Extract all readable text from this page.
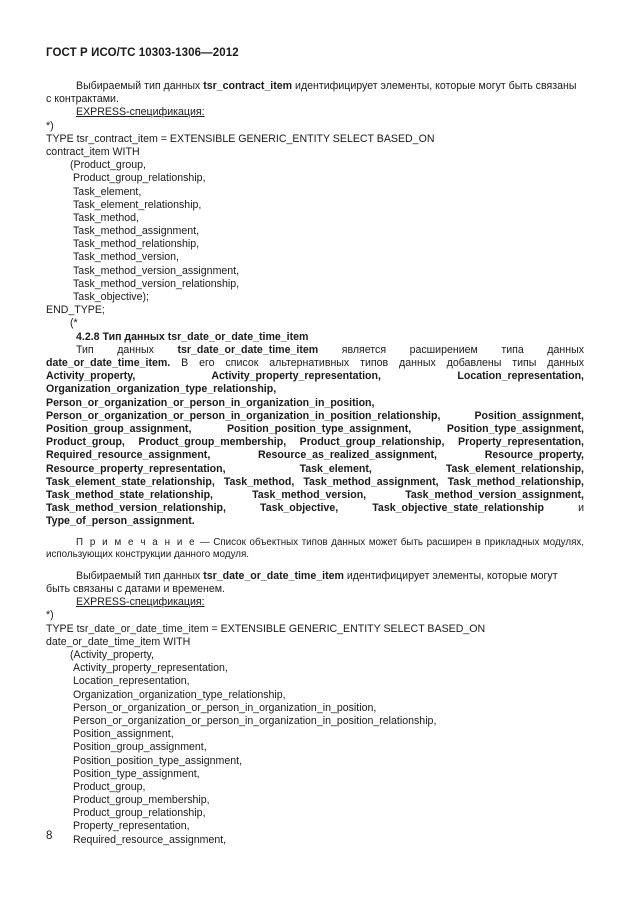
ГОСТ Р ИСО/ТС 10303-1306—2012

Выбираемый тип данных tsr_contract_item идентифицирует элементы, которые могут быть связаны с контрактами.

EXPRESS-спецификация:

*)
TYPE tsr_contract_item = EXTENSIBLE GENERIC_ENTITY SELECT BASED_ON
contract_item WITH
(Product_group,
Product_group_relationship,
Task_element,
Task_element_relationship,
Task_method,
Task_method_assignment,
Task_method_relationship,
Task_method_version,
Task_method_version_assignment,
Task_method_version_relationship,
Task_objective);
END_TYPE;
(*

4.2.8 Тип данных tsr_date_or_date_time_item

Тип данных tsr_date_or_date_time_item является расширением типа данных date_or_date_time_item. В его список альтернативных типов данных добавлены типы данных Activity_property, Activity_property_representation, Location_representation, Organization_organization_type_relationship, Person_or_organization_or_person_in_organization_in_position, Person_or_organization_or_person_in_organization_in_position_relationship, Position_assignment, Position_group_assignment, Position_position_type_assignment, Position_type_assignment, Product_group, Product_group_membership, Product_group_relationship, Property_representation, Required_resource_assignment, Resource_as_realized_assignment, Resource_property, Resource_property_representation, Task_element, Task_element_relationship, Task_element_state_relationship, Task_method, Task_method_assignment, Task_method_relationship, Task_method_state_relationship, Task_method_version, Task_method_version_assignment, Task_method_version_relationship, Task_objective, Task_objective_state_relationship и Type_of_person_assignment.

П р и м е ч а н и е — Список объектных типов данных может быть расширен в прикладных модулях, использующих конструкции данного модуля.

Выбираемый тип данных tsr_date_or_date_time_item идентифицирует элементы, которые могут быть связаны с датами и временем.

EXPRESS-спецификация:

*)
TYPE tsr_date_or_date_time_item = EXTENSIBLE GENERIC_ENTITY SELECT BASED_ON
date_or_date_time_item WITH
(Activity_property,
Activity_property_representation,
Location_representation,
Organization_organization_type_relationship,
Person_or_organization_or_person_in_organization_in_position,
Person_or_organization_or_person_in_organization_in_position_relationship,
Position_assignment,
Position_group_assignment,
Position_position_type_assignment,
Position_type_assignment,
Product_group,
Product_group_membership,
Product_group_relationship,
Property_representation,
Required_resource_assignment,
8
